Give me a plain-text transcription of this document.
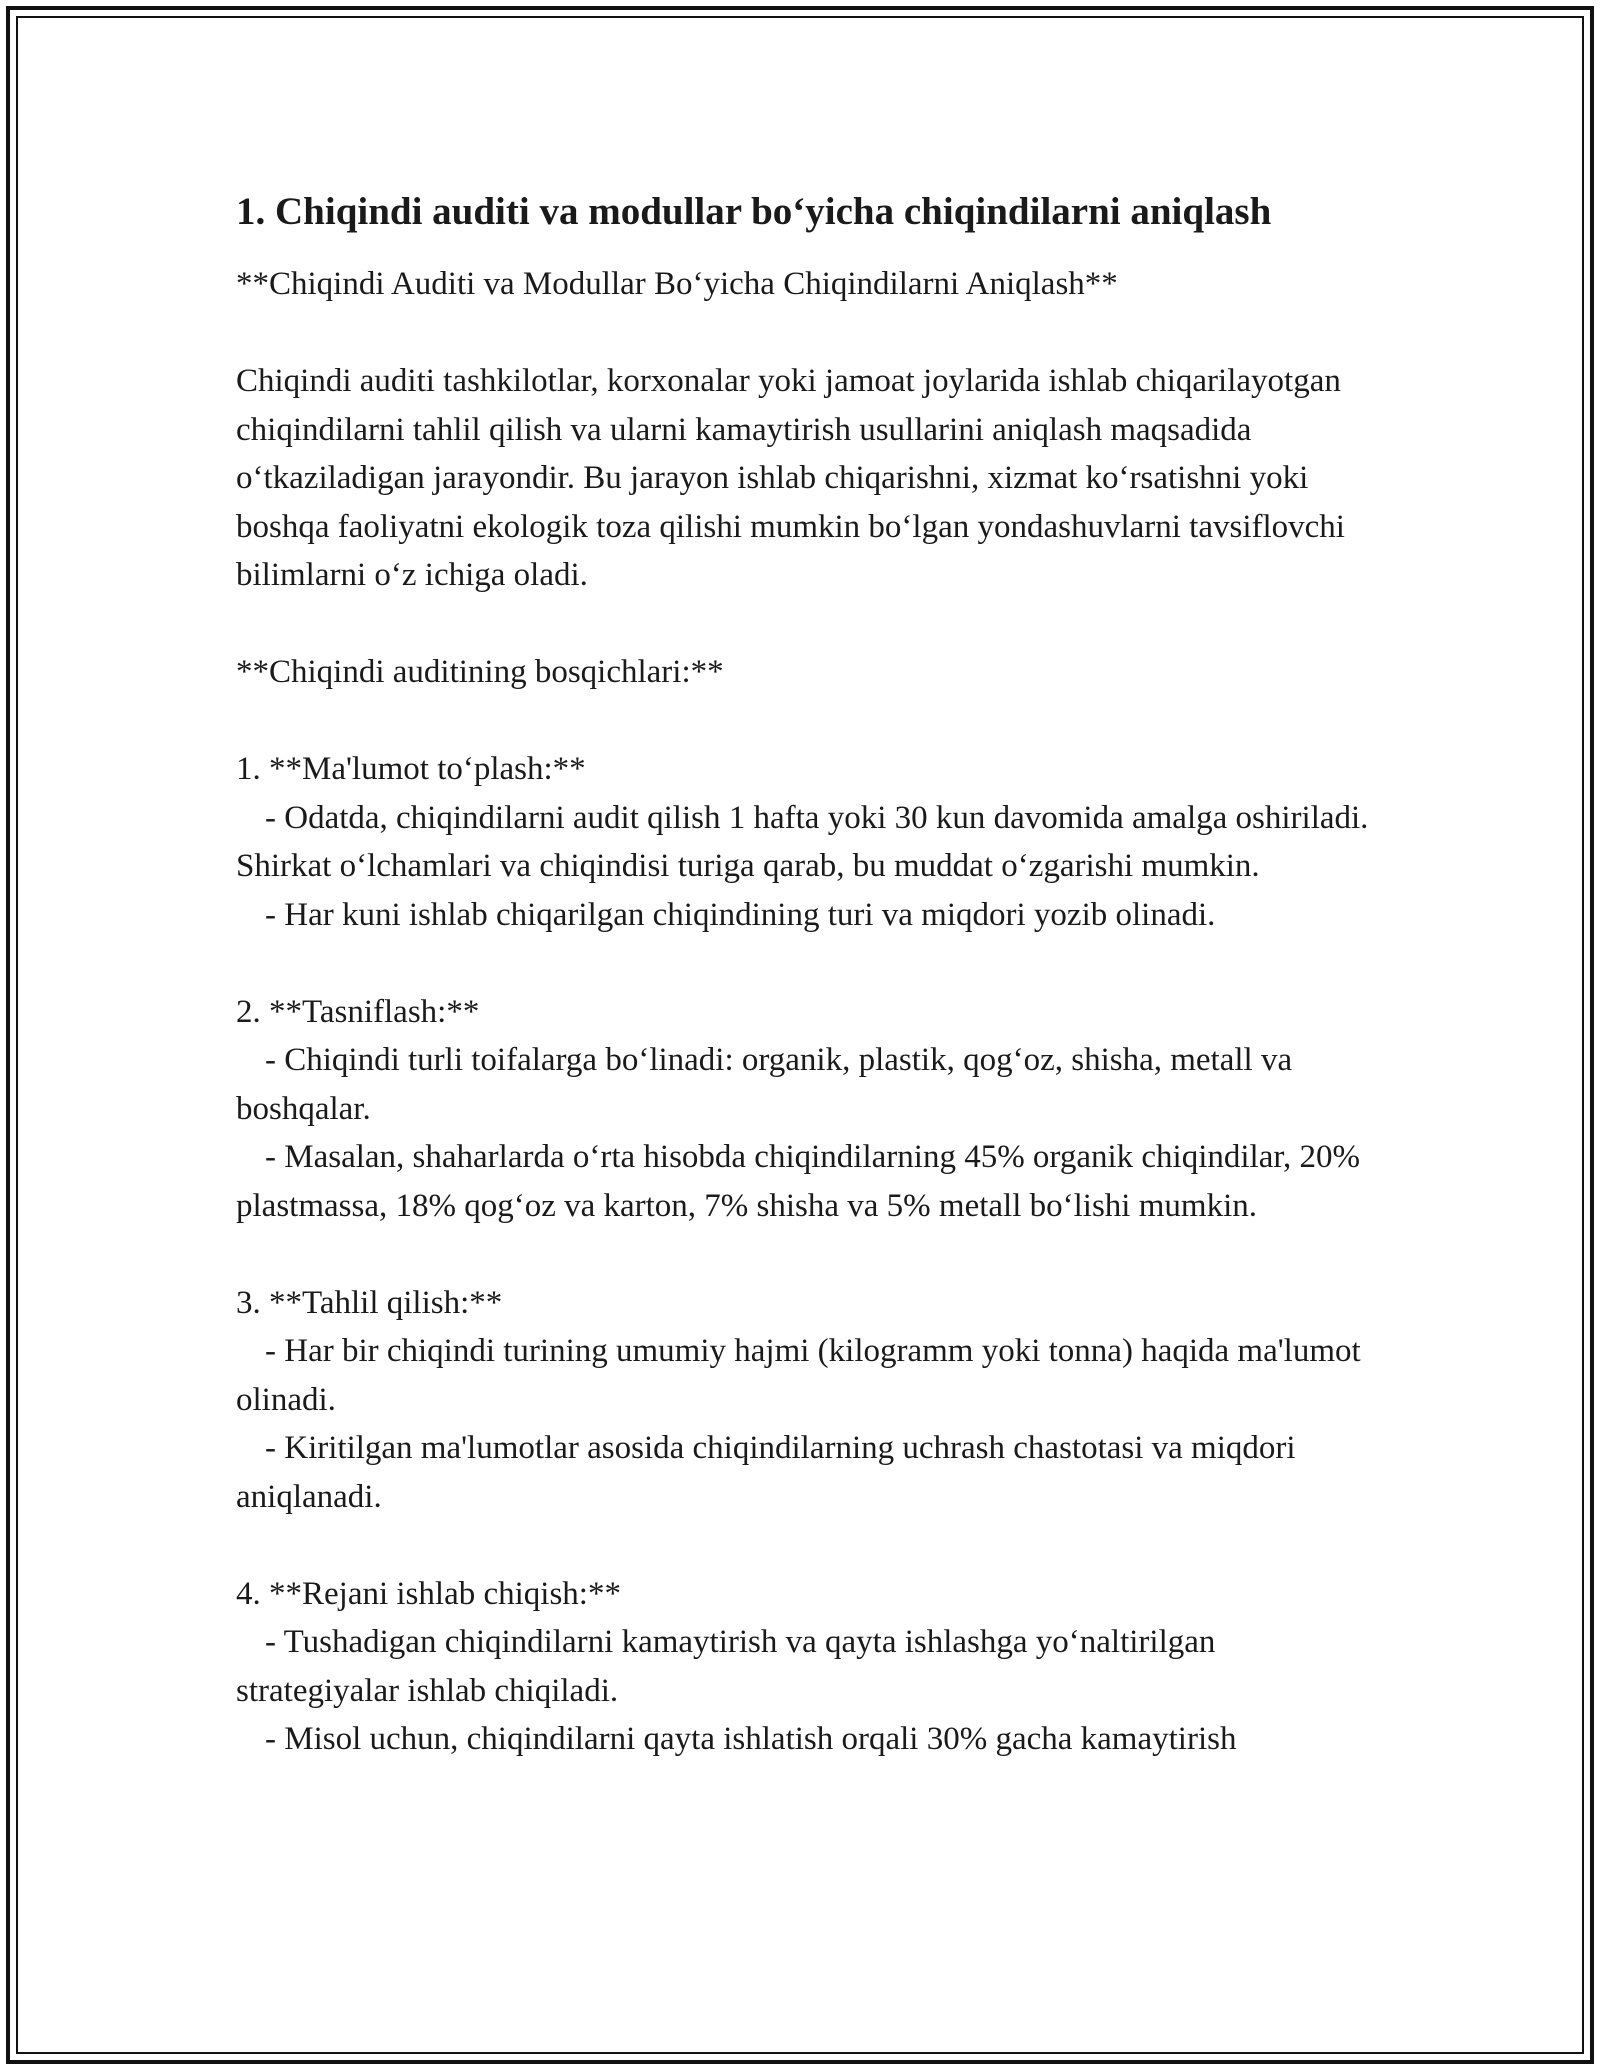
1. Chiqindi auditi va modullar bo‘yicha chiqindilarni aniqlash

**Chiqindi Auditi va Modullar Bo‘yicha Chiqindilarni Aniqlash**

Chiqindi auditi tashkilotlar, korxonalar yoki jamoat joylarida ishlab chiqarilayotgan chiqindilarni tahlil qilish va ularni kamaytirish usullarini aniqlash maqsadida o‘tkaziladigan jarayondir. Bu jarayon ishlab chiqarishni, xizmat ko‘rsatishni yoki boshqa faoliyatni ekologik toza qilishi mumkin bo‘lgan yondashuvlarni tavsiflovchi bilimlarni o‘z ichiga oladi.

**Chiqindi auditining bosqichlari:**

1. **Ma'lumot to‘plash:**

- Odatda, chiqindilarni audit qilish 1 hafta yoki 30 kun davomida amalga oshiriladi. Shirkat o‘lchamlari va chiqindisi turiga qarab, bu muddat o‘zgarishi mumkin.

- Har kuni ishlab chiqarilgan chiqindining turi va miqdori yozib olinadi.

2. **Tasniflash:**

- Chiqindi turli toifalarga bo‘linadi: organik, plastik, qog‘oz, shisha, metall va boshqalar.

- Masalan, shaharlarda o‘rta hisobda chiqindilarning 45% organik chiqindilar, 20% plastmassa, 18% qog‘oz va karton, 7% shisha va 5% metall bo‘lishi mumkin.

3. **Tahlil qilish:**

- Har bir chiqindi turining umumiy hajmi (kilogramm yoki tonna) haqida ma'lumot olinadi.

- Kiritilgan ma'lumotlar asosida chiqindilarning uchrash chastotasi va miqdori aniqlanadi.

4. **Rejani ishlab chiqish:**

- Tushadigan chiqindilarni kamaytirish va qayta ishlashga yo‘naltirilgan strategiyalar ishlab chiqiladi.

- Misol uchun, chiqindilarni qayta ishlatish orqali 30% gacha kamaytirish
